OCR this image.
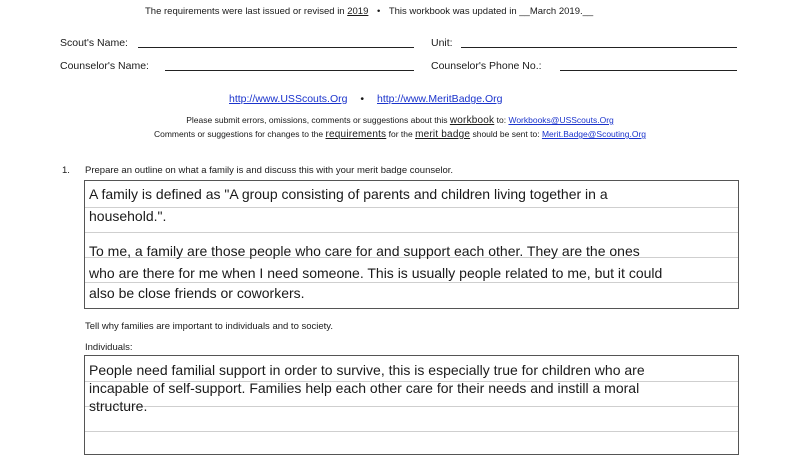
The requirements were last issued or revised in 2019 • This workbook was updated in __March 2019.__
Scout's Name:	Unit:
Counselor's Name:	Counselor's Phone No.:
http://www.USScouts.Org • http://www.MeritBadge.Org
Please submit errors, omissions, comments or suggestions about this workbook to: Workbooks@USScouts.Org
Comments or suggestions for changes to the requirements for the merit badge should be sent to: Merit.Badge@Scouting.Org
1. Prepare an outline on what a family is and discuss this with your merit badge counselor.
A family is defined as "A group consisting of parents and children living together in a
household.".
To me, a family are those people who care for and support each other. They are the ones
who are there for me when I need someone. This is usually people related to me, but it could
also be close friends or coworkers.
Tell why families are important to individuals and to society.
Individuals:
People need familial support in order to survive, this is especially true for children who are
incapable of self-support. Families help each other care for their needs and instill a moral
structure.
